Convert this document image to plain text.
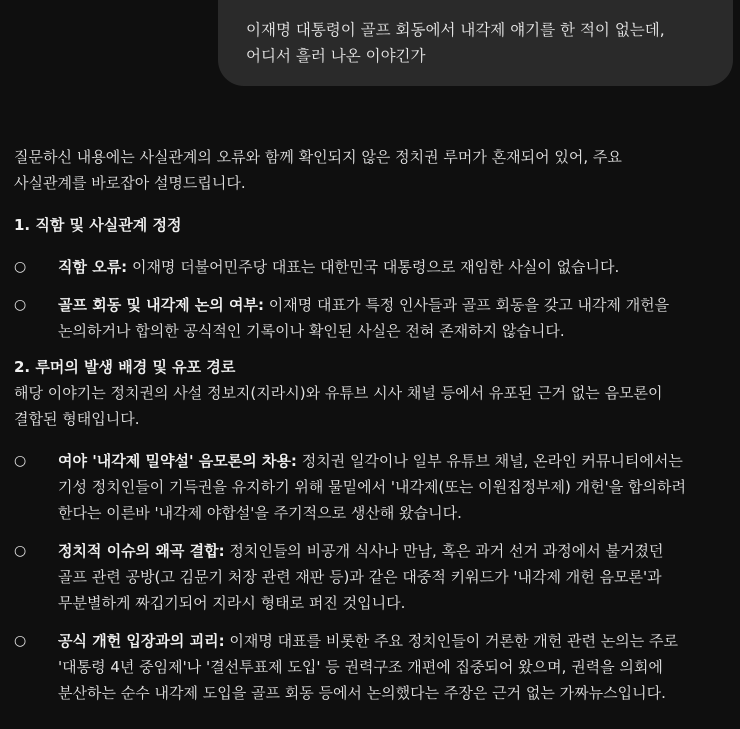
이재명 대통령이 골프 회동에서 내각제 얘기를 한 적이 없는데,
어디서 흘러 나온 이야긴가
질문하신 내용에는 사실관계의 오류와 함께 확인되지 않은 정치권 루머가 혼재되어 있어, 주요
사실관계를 바로잡아 설명드립니다.
1. 직함 및 사실관계 정정
○	직함 오류: 이재명 더불어민주당 대표는 대한민국 대통령으로 재임한 사실이 없습니다.
○	골프 회동 및 내각제 논의 여부: 이재명 대표가 특정 인사들과 골프 회동을 갖고 내각제 개헌을
논의하거나 합의한 공식적인 기록이나 확인된 사실은 전혀 존재하지 않습니다.
2. 루머의 발생 배경 및 유포 경로
해당 이야기는 정치권의 사설 정보지(지라시)와 유튜브 시사 채널 등에서 유포된 근거 없는 음모론이
결합된 형태입니다.
○	여야 '내각제 밀약설' 음모론의 차용: 정치권 일각이나 일부 유튜브 채널, 온라인 커뮤니티에서는
기성 정치인들이 기득권을 유지하기 위해 물밑에서 '내각제(또는 이원집정부제) 개헌'을 합의하려
한다는 이른바 '내각제 야합설'을 주기적으로 생산해 왔습니다.
○	정치적 이슈의 왜곡 결합: 정치인들의 비공개 식사나 만남, 혹은 과거 선거 과정에서 불거졌던
골프 관련 공방(고 김문기 처장 관련 재판 등)과 같은 대중적 키워드가 '내각제 개헌 음모론'과
무분별하게 짜깁기되어 지라시 형태로 퍼진 것입니다.
○	공식 개헌 입장과의 괴리: 이재명 대표를 비롯한 주요 정치인들이 거론한 개헌 관련 논의는 주로
'대통령 4년 중임제'나 '결선투표제 도입' 등 권력구조 개편에 집중되어 왔으며, 권력을 의회에
분산하는 순수 내각제 도입을 골프 회동 등에서 논의했다는 주장은 근거 없는 가짜뉴스입니다.
